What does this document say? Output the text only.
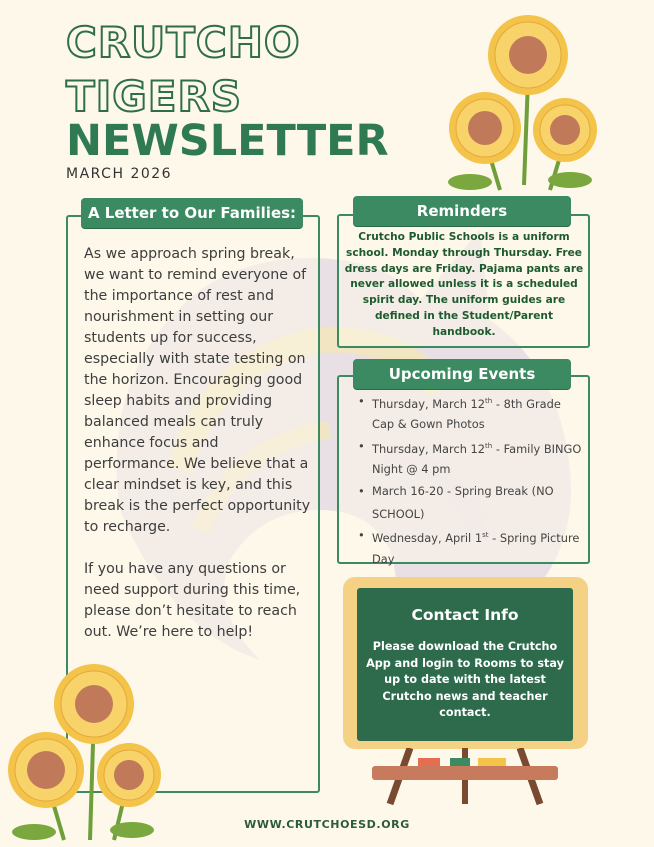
CRUTCHO
TIGERS
NEWSLETTER
MARCH 2026
A Letter to Our Families:

As we approach spring break, we want to remind everyone of the importance of rest and nourishment in setting our students up for success, especially with state testing on the horizon. Encouraging good sleep habits and providing balanced meals can truly enhance focus and performance. We believe that a clear mindset is key, and this break is the perfect opportunity to recharge.

If you have any questions or need support during this time, please don’t hesitate to reach out. We’re here to help!

Reminders
Crutcho Public Schools is a uniform school. Monday through Thursday. Free dress days are Friday. Pajama pants are never allowed unless it is a scheduled spirit day. The uniform guides are defined in the Student/Parent handbook.
Upcoming Events
• Thursday, March 12th - 8th Grade Cap & Gown Photos
• Thursday, March 12th - Family BINGO Night @ 4 pm
• March 16-20 - Spring Break (NO SCHOOL)
• Wednesday, April 1st - Spring Picture Day
Contact Info
Please download the Crutcho App and login to Rooms to stay up to date with the latest Crutcho news and teacher contact.
WWW.CRUTCHOESD.ORG
